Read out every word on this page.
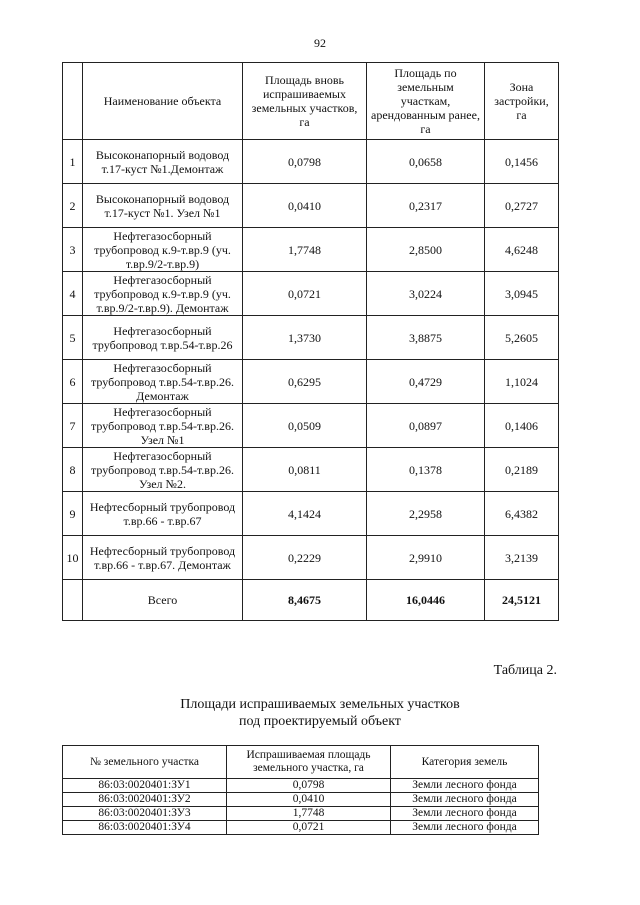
92
	Наименование объекта	Площадь вновь испрашиваемых земельных участков, га	Площадь по земельным участкам, арендованным ранее, га	Зона застройки, га
1	Высоконапорный водовод т.17-куст №1.Демонтаж	0,0798	0,0658	0,1456
2	Высоконапорный водовод т.17-куст №1. Узел №1	0,0410	0,2317	0,2727
3	Нефтегазосборный трубопровод к.9-т.вр.9 (уч. т.вр.9/2-т.вр.9)	1,7748	2,8500	4,6248
4	Нефтегазосборный трубопровод к.9-т.вр.9 (уч. т.вр.9/2-т.вр.9). Демонтаж	0,0721	3,0224	3,0945
5	Нефтегазосборный трубопровод т.вр.54-т.вр.26	1,3730	3,8875	5,2605
6	Нефтегазосборный трубопровод т.вр.54-т.вр.26. Демонтаж	0,6295	0,4729	1,1024
7	Нефтегазосборный трубопровод т.вр.54-т.вр.26. Узел №1	0,0509	0,0897	0,1406
8	Нефтегазосборный трубопровод т.вр.54-т.вр.26. Узел №2.	0,0811	0,1378	0,2189
9	Нефтесборный трубопровод т.вр.66 - т.вр.67	4,1424	2,2958	6,4382
10	Нефтесборный трубопровод т.вр.66 - т.вр.67. Демонтаж	0,2229	2,9910	3,2139
	Всего	8,4675	16,0446	24,5121
Таблица 2.
Площади испрашиваемых земельных участков
под проектируемый объект
№ земельного участка	Испрашиваемая площадь земельного участка, га	Категория земель
86:03:0020401:ЗУ1	0,0798	Земли лесного фонда
86:03:0020401:ЗУ2	0,0410	Земли лесного фонда
86:03:0020401:ЗУ3	1,7748	Земли лесного фонда
86:03:0020401:ЗУ4	0,0721	Земли лесного фонда
